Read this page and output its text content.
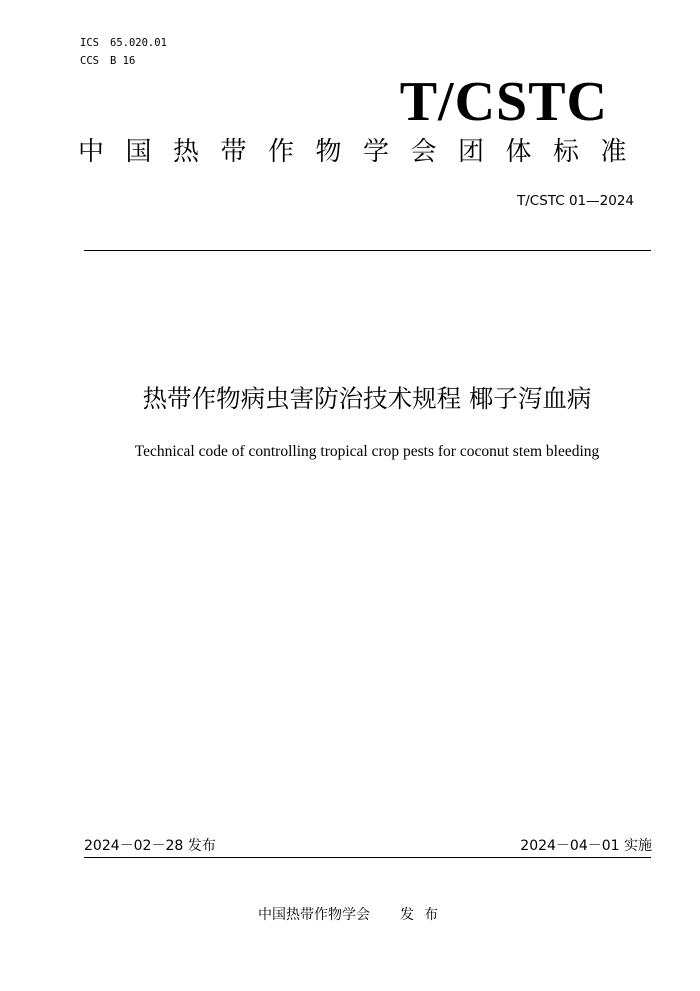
ICS 65.020.01
CCS B 16
T/CSTC
中国热带作物学会团体标准
T/CSTC 01—2024
热带作物病虫害防治技术规程 椰子泻血病
Technical code of controlling tropical crop pests for coconut stem bleeding
2024－02－28 发布	2024－04－01 实施
中国热带作物学会 发布
